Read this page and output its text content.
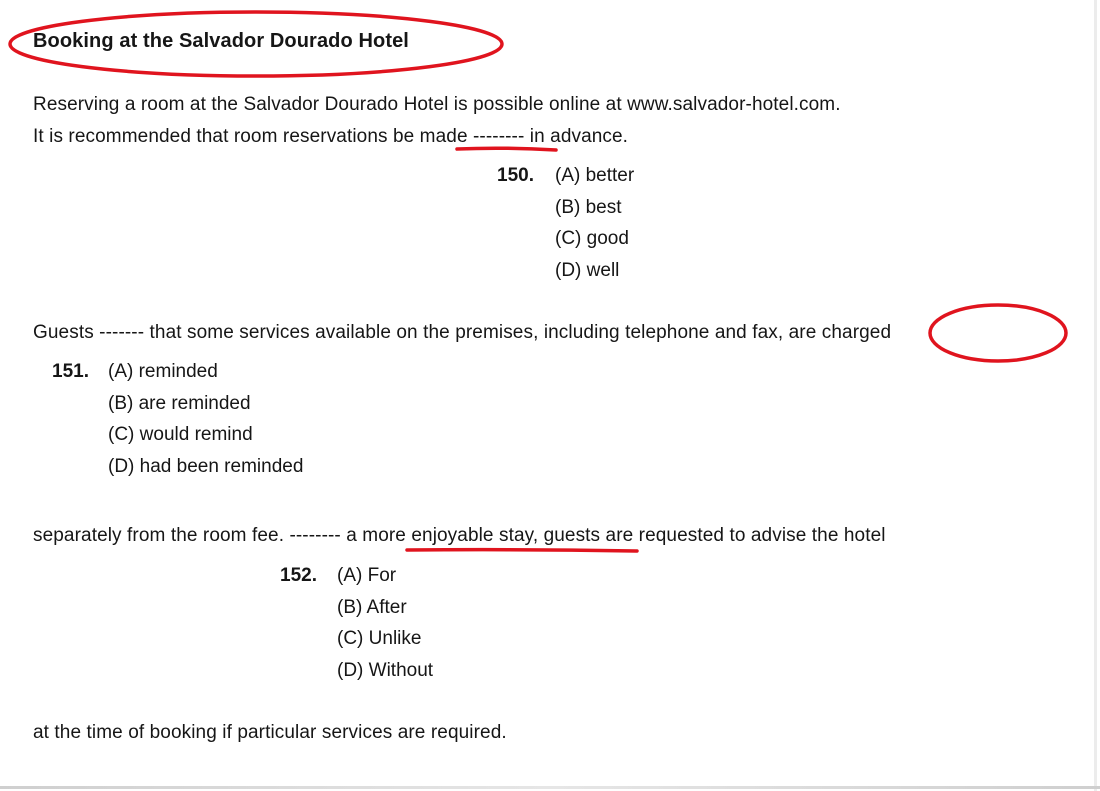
Booking at the Salvador Dourado Hotel
Reserving a room at the Salvador Dourado Hotel is possible online at www.salvador-hotel.com.
It is recommended that room reservations be made -------- in advance.
150. (A) better
(B) best
(C) good
(D) well
Guests ------- that some services available on the premises, including telephone and fax, are charged
151. (A) reminded
(B) are reminded
(C) would remind
(D) had been reminded
separately from the room fee. -------- a more enjoyable stay, guests are requested to advise the hotel
152. (A) For
(B) After
(C) Unlike
(D) Without
at the time of booking if particular services are required.
